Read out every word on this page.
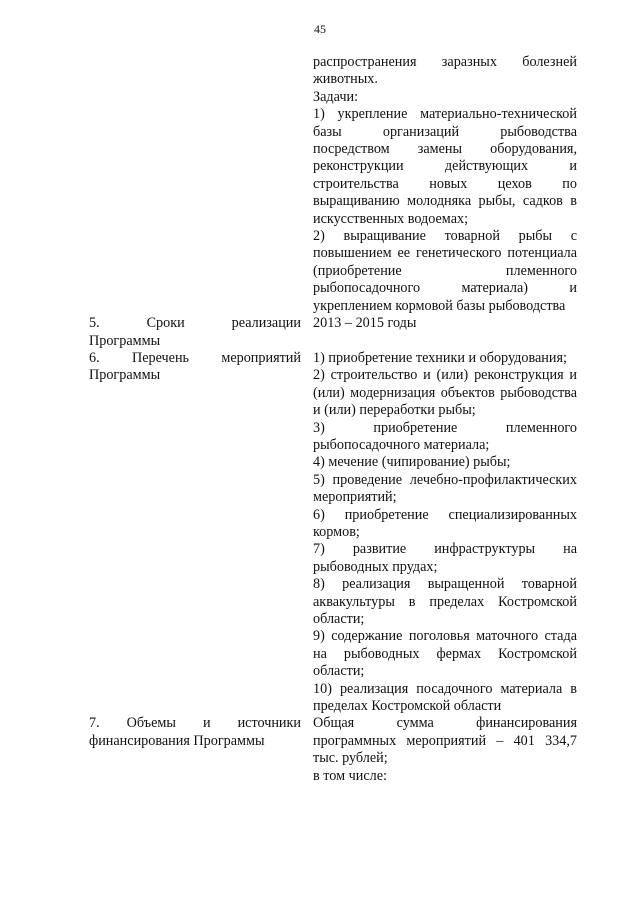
45

распространения заразных болезней животных.

Задачи:

1) укрепление материально-технической базы организаций рыбоводства посредством замены оборудования, реконструкции действующих и строительства новых цехов по выращиванию молодняка рыбы, садков в искусственных водоемах;

2) выращивание товарной рыбы с повышением ее генетического потенциала (приобретение племенного рыбопосадочного материала) и укреплением кормовой базы рыбоводства

5. Сроки реализации
Программы

2013 – 2015 годы

6. Перечень мероприятий
Программы

1) приобретение техники и оборудования;

2) строительство и (или) реконструкция и (или) модернизация объектов рыбоводства и (или) переработки рыбы;

3) приобретение племенного рыбопосадочного материала;

4) мечение (чипирование) рыбы;

5) проведение лечебно-профилактических мероприятий;

6) приобретение специализированных кормов;

7) развитие инфраструктуры на рыбоводных прудах;

8) реализация выращенной товарной аквакультуры в пределах Костромской области;

9) содержание поголовья маточного стада на рыбоводных фермах Костромской области;

10) реализация посадочного материала в пределах Костромской области

7. Объемы и источники
финансирования Программы

Общая сумма финансирования программных мероприятий – 401 334,7 тыс. рублей;

в том числе:
